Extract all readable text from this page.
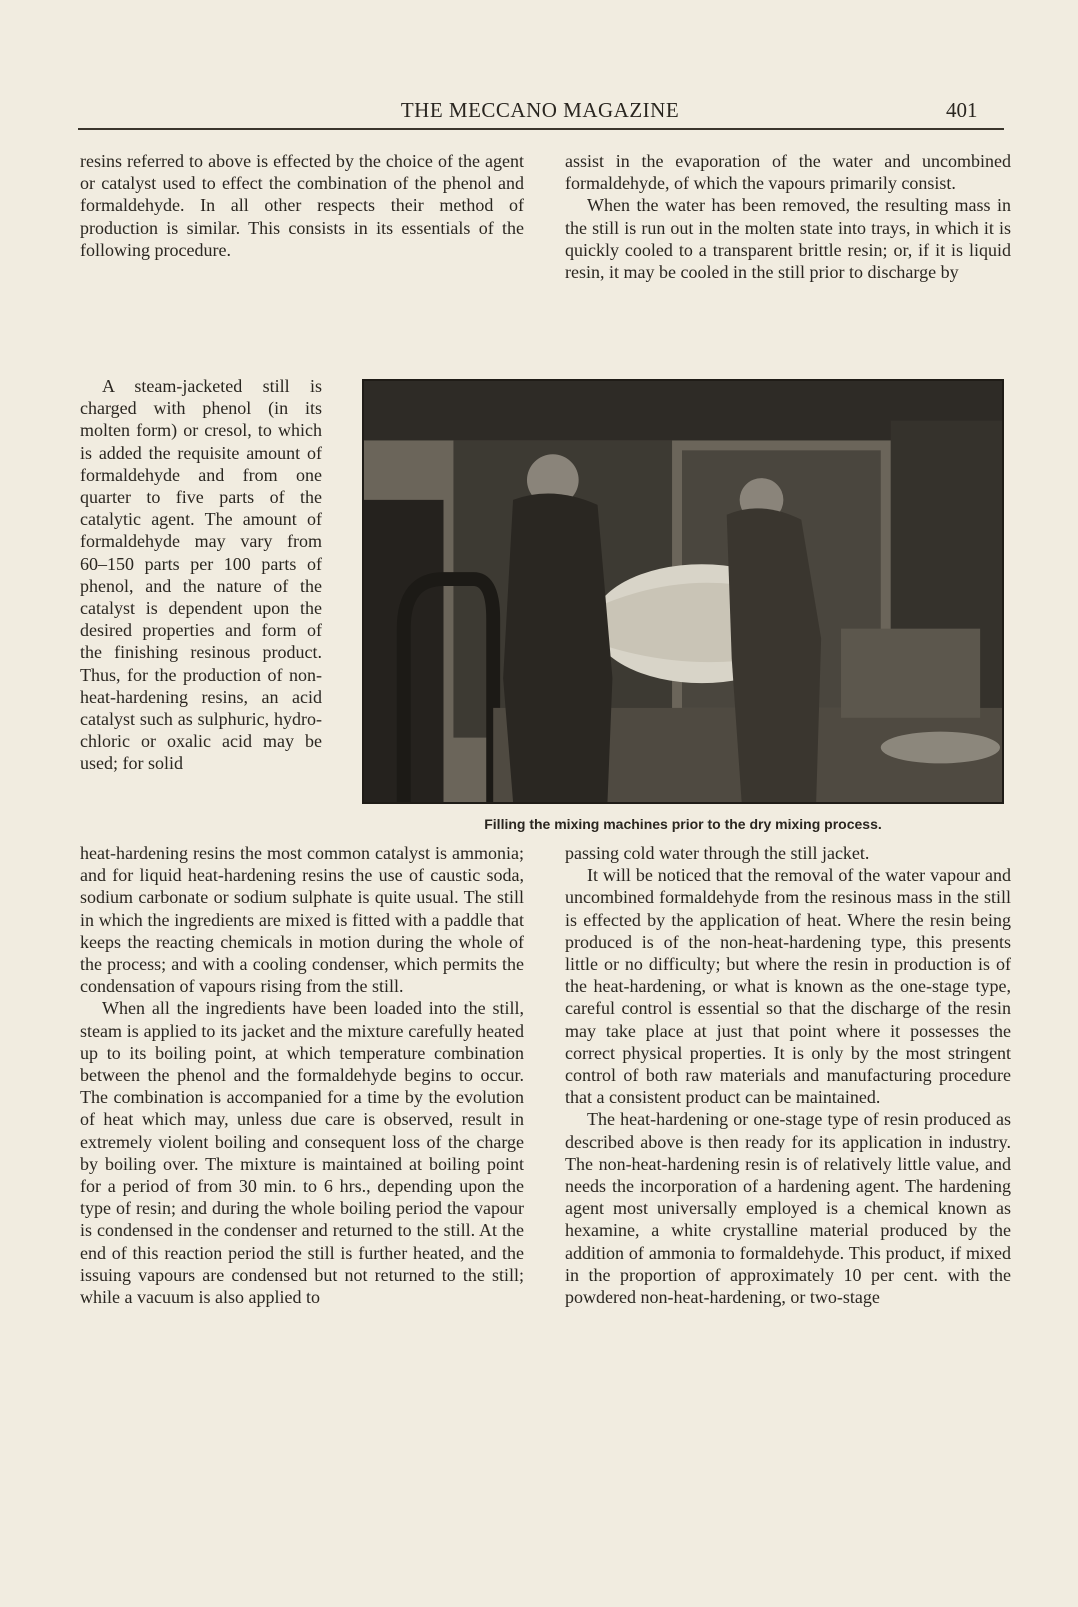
THE MECCANO MAGAZINE	401

resins referred to above is effected by the choice of the agent or catalyst used to effect the combination of the phenol and formaldehyde. In all other respects their method of production is similar. This consists in its essentials of the following procedure.

A steam-jacketed still is charged with phenol (in its molten form) or cresol, to which is added the requisite amount of formaldehyde and from one quarter to five parts of the catalytic agent. The amount of formaldehyde may vary from 60–150 parts per 100 parts of phenol, and the nature of the catalyst is dependent upon the desired properties and form of the finishing resinous product. Thus, for the production of non-heat-hardening resins, an acid catalyst such as sulphuric, hydrochloric or oxalic acid may be used; for solid

heat-hardening resins the most common catalyst is ammonia; and for liquid heat-hardening resins the use of caustic soda, sodium carbonate or sodium sulphate is quite usual. The still in which the ingredients are mixed is fitted with a paddle that keeps the reacting chemicals in motion during the whole of the process; and with a cooling condenser, which permits the condensation of vapours rising from the still.

When all the ingredients have been loaded into the still, steam is applied to its jacket and the mixture carefully heated up to its boiling point, at which temperature combination between the phenol and the formaldehyde begins to occur. The combination is accompanied for a time by the evolution of heat which may, unless due care is observed, result in extremely violent boiling and consequent loss of the charge by boiling over. The mixture is maintained at boiling point for a period of from 30 min. to 6 hrs., depending upon the type of resin; and during the whole boiling period the vapour is condensed in the condenser and returned to the still. At the end of this reaction period the still is further heated, and the issuing vapours are condensed but not returned to the still; while a vacuum is also applied to

assist in the evaporation of the water and uncombined formaldehyde, of which the vapours primarily consist.

When the water has been removed, the resulting mass in the still is run out in the molten state into trays, in which it is quickly cooled to a transparent brittle resin; or, if it is liquid resin, it may be cooled in the still prior to discharge by

Filling the mixing machines prior to the dry mixing process.

passing cold water through the still jacket.

It will be noticed that the removal of the water vapour and uncombined formaldehyde from the resinous mass in the still is effected by the application of heat. Where the resin being produced is of the non-heat-hardening type, this presents little or no difficulty; but where the resin in production is of the heat-hardening, or what is known as the one-stage type, careful control is essential so that the discharge of the resin may take place at just that point where it possesses the correct physical properties. It is only by the most stringent control of both raw materials and manufacturing procedure that a consistent product can be maintained.

The heat-hardening or one-stage type of resin produced as described above is then ready for its application in industry. The non-heat-hardening resin is of relatively little value, and needs the incorporation of a hardening agent. The hardening agent most universally employed is a chemical known as hexamine, a white crystalline material produced by the addition of ammonia to formaldehyde. This product, if mixed in the proportion of approximately 10 per cent. with the powdered non-heat-hardening, or two-stage
